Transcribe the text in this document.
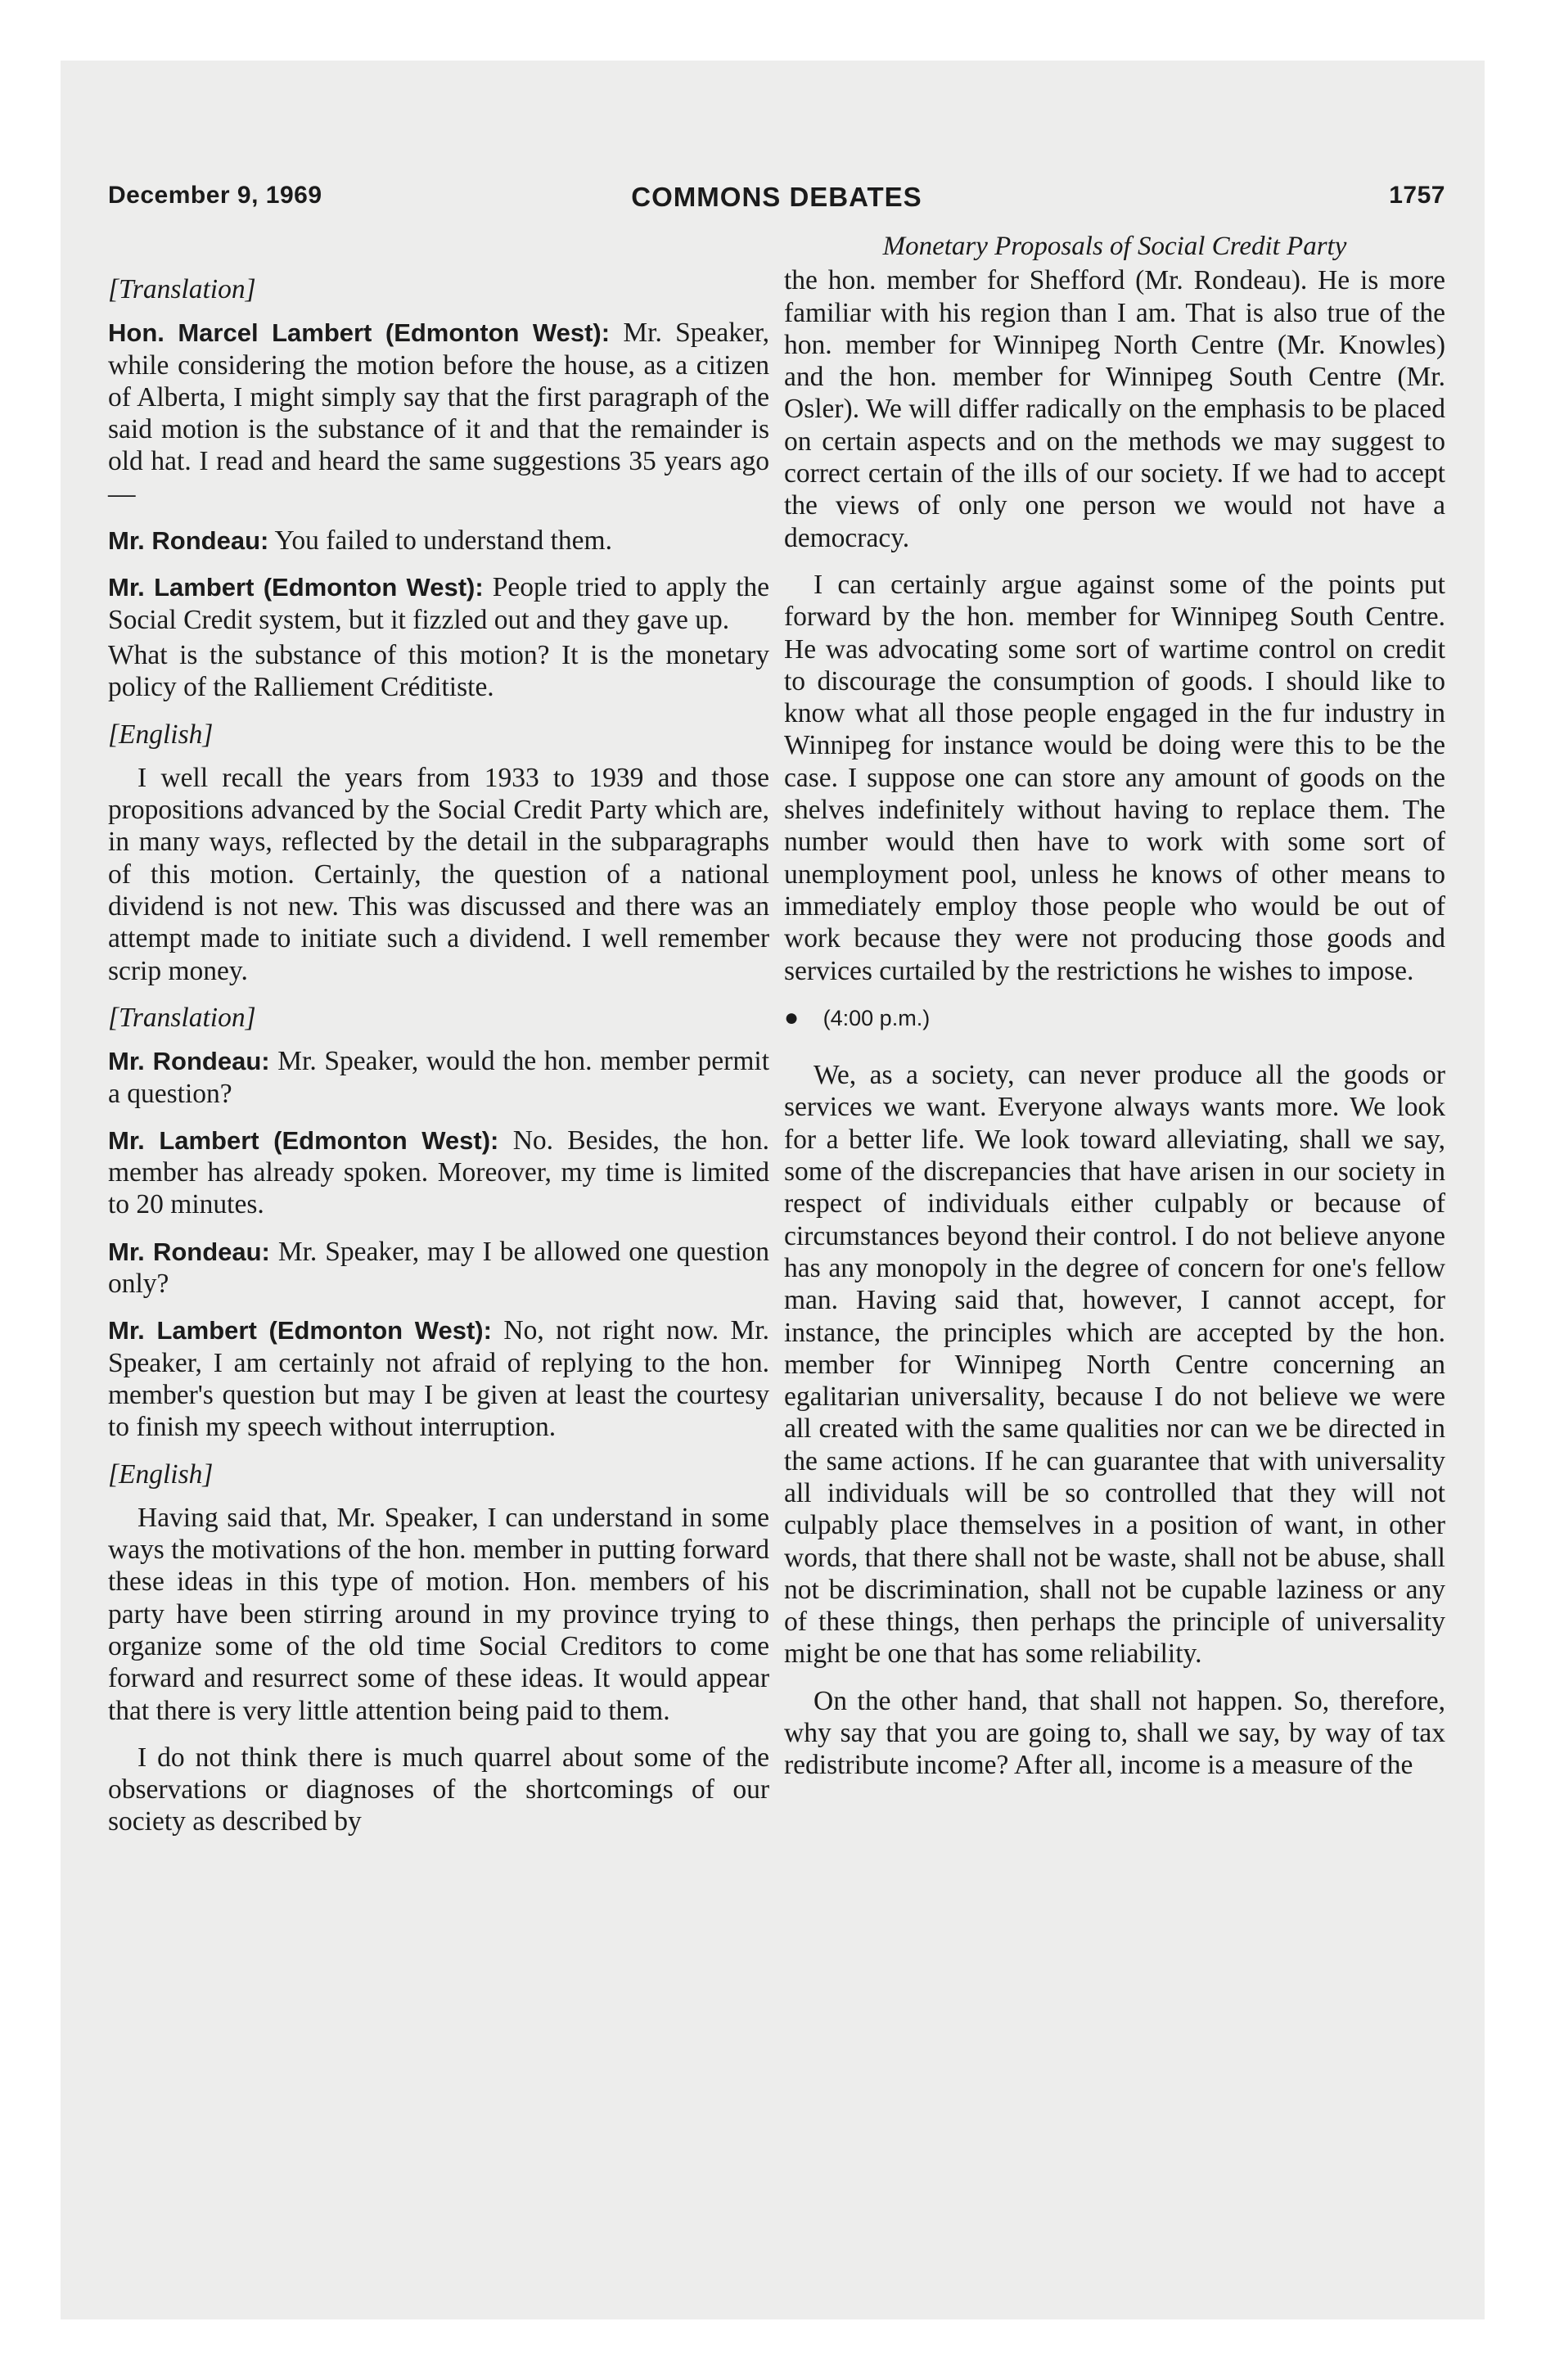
December 9, 1969	COMMONS DEBATES	1757
[Translation]

Hon. Marcel Lambert (Edmonton West): Mr. Speaker, while considering the motion before the house, as a citizen of Alberta, I might simply say that the first paragraph of the said motion is the substance of it and that the remainder is old hat. I read and heard the same suggestions 35 years ago—

Mr. Rondeau: You failed to understand them.

Mr. Lambert (Edmonton West): People tried to apply the Social Credit system, but it fizzled out and they gave up.

What is the substance of this motion? It is the monetary policy of the Ralliement Créditiste.

[English]

I well recall the years from 1933 to 1939 and those propositions advanced by the Social Credit Party which are, in many ways, reflected by the detail in the subparagraphs of this motion. Certainly, the question of a national dividend is not new. This was discussed and there was an attempt made to initiate such a dividend. I well remember scrip money.

[Translation]

Mr. Rondeau: Mr. Speaker, would the hon. member permit a question?

Mr. Lambert (Edmonton West): No. Besides, the hon. member has already spoken. Moreover, my time is limited to 20 minutes.

Mr. Rondeau: Mr. Speaker, may I be allowed one question only?

Mr. Lambert (Edmonton West): No, not right now. Mr. Speaker, I am certainly not afraid of replying to the hon. member's question but may I be given at least the courtesy to finish my speech without interruption.

[English]

Having said that, Mr. Speaker, I can understand in some ways the motivations of the hon. member in putting forward these ideas in this type of motion. Hon. members of his party have been stirring around in my province trying to organize some of the old time Social Creditors to come forward and resurrect some of these ideas. It would appear that there is very little attention being paid to them.

I do not think there is much quarrel about some of the observations or diagnoses of the shortcomings of our society as described by

Monetary Proposals of Social Credit Party

the hon. member for Shefford (Mr. Rondeau). He is more familiar with his region than I am. That is also true of the hon. member for Winnipeg North Centre (Mr. Knowles) and the hon. member for Winnipeg South Centre (Mr. Osler). We will differ radically on the emphasis to be placed on certain aspects and on the methods we may suggest to correct certain of the ills of our society. If we had to accept the views of only one person we would not have a democracy.

I can certainly argue against some of the points put forward by the hon. member for Winnipeg South Centre. He was advocating some sort of wartime control on credit to discourage the consumption of goods. I should like to know what all those people engaged in the fur industry in Winnipeg for instance would be doing were this to be the case. I suppose one can store any amount of goods on the shelves indefinitely without having to replace them. The number would then have to work with some sort of unemployment pool, unless he knows of other means to immediately employ those people who would be out of work because they were not producing those goods and services curtailed by the restrictions he wishes to impose.

● (4:00 p.m.)

We, as a society, can never produce all the goods or services we want. Everyone always wants more. We look for a better life. We look toward alleviating, shall we say, some of the discrepancies that have arisen in our society in respect of individuals either culpably or because of circumstances beyond their control. I do not believe anyone has any monopoly in the degree of concern for one's fellow man. Having said that, however, I cannot accept, for instance, the principles which are accepted by the hon. member for Winnipeg North Centre concerning an egalitarian universality, because I do not believe we were all created with the same qualities nor can we be directed in the same actions. If he can guarantee that with universality all individuals will be so controlled that they will not culpably place themselves in a position of want, in other words, that there shall not be waste, shall not be abuse, shall not be discrimination, shall not be cupable laziness or any of these things, then perhaps the principle of universality might be one that has some reliability.

On the other hand, that shall not happen. So, therefore, why say that you are going to, shall we say, by way of tax redistribute income? After all, income is a measure of the
